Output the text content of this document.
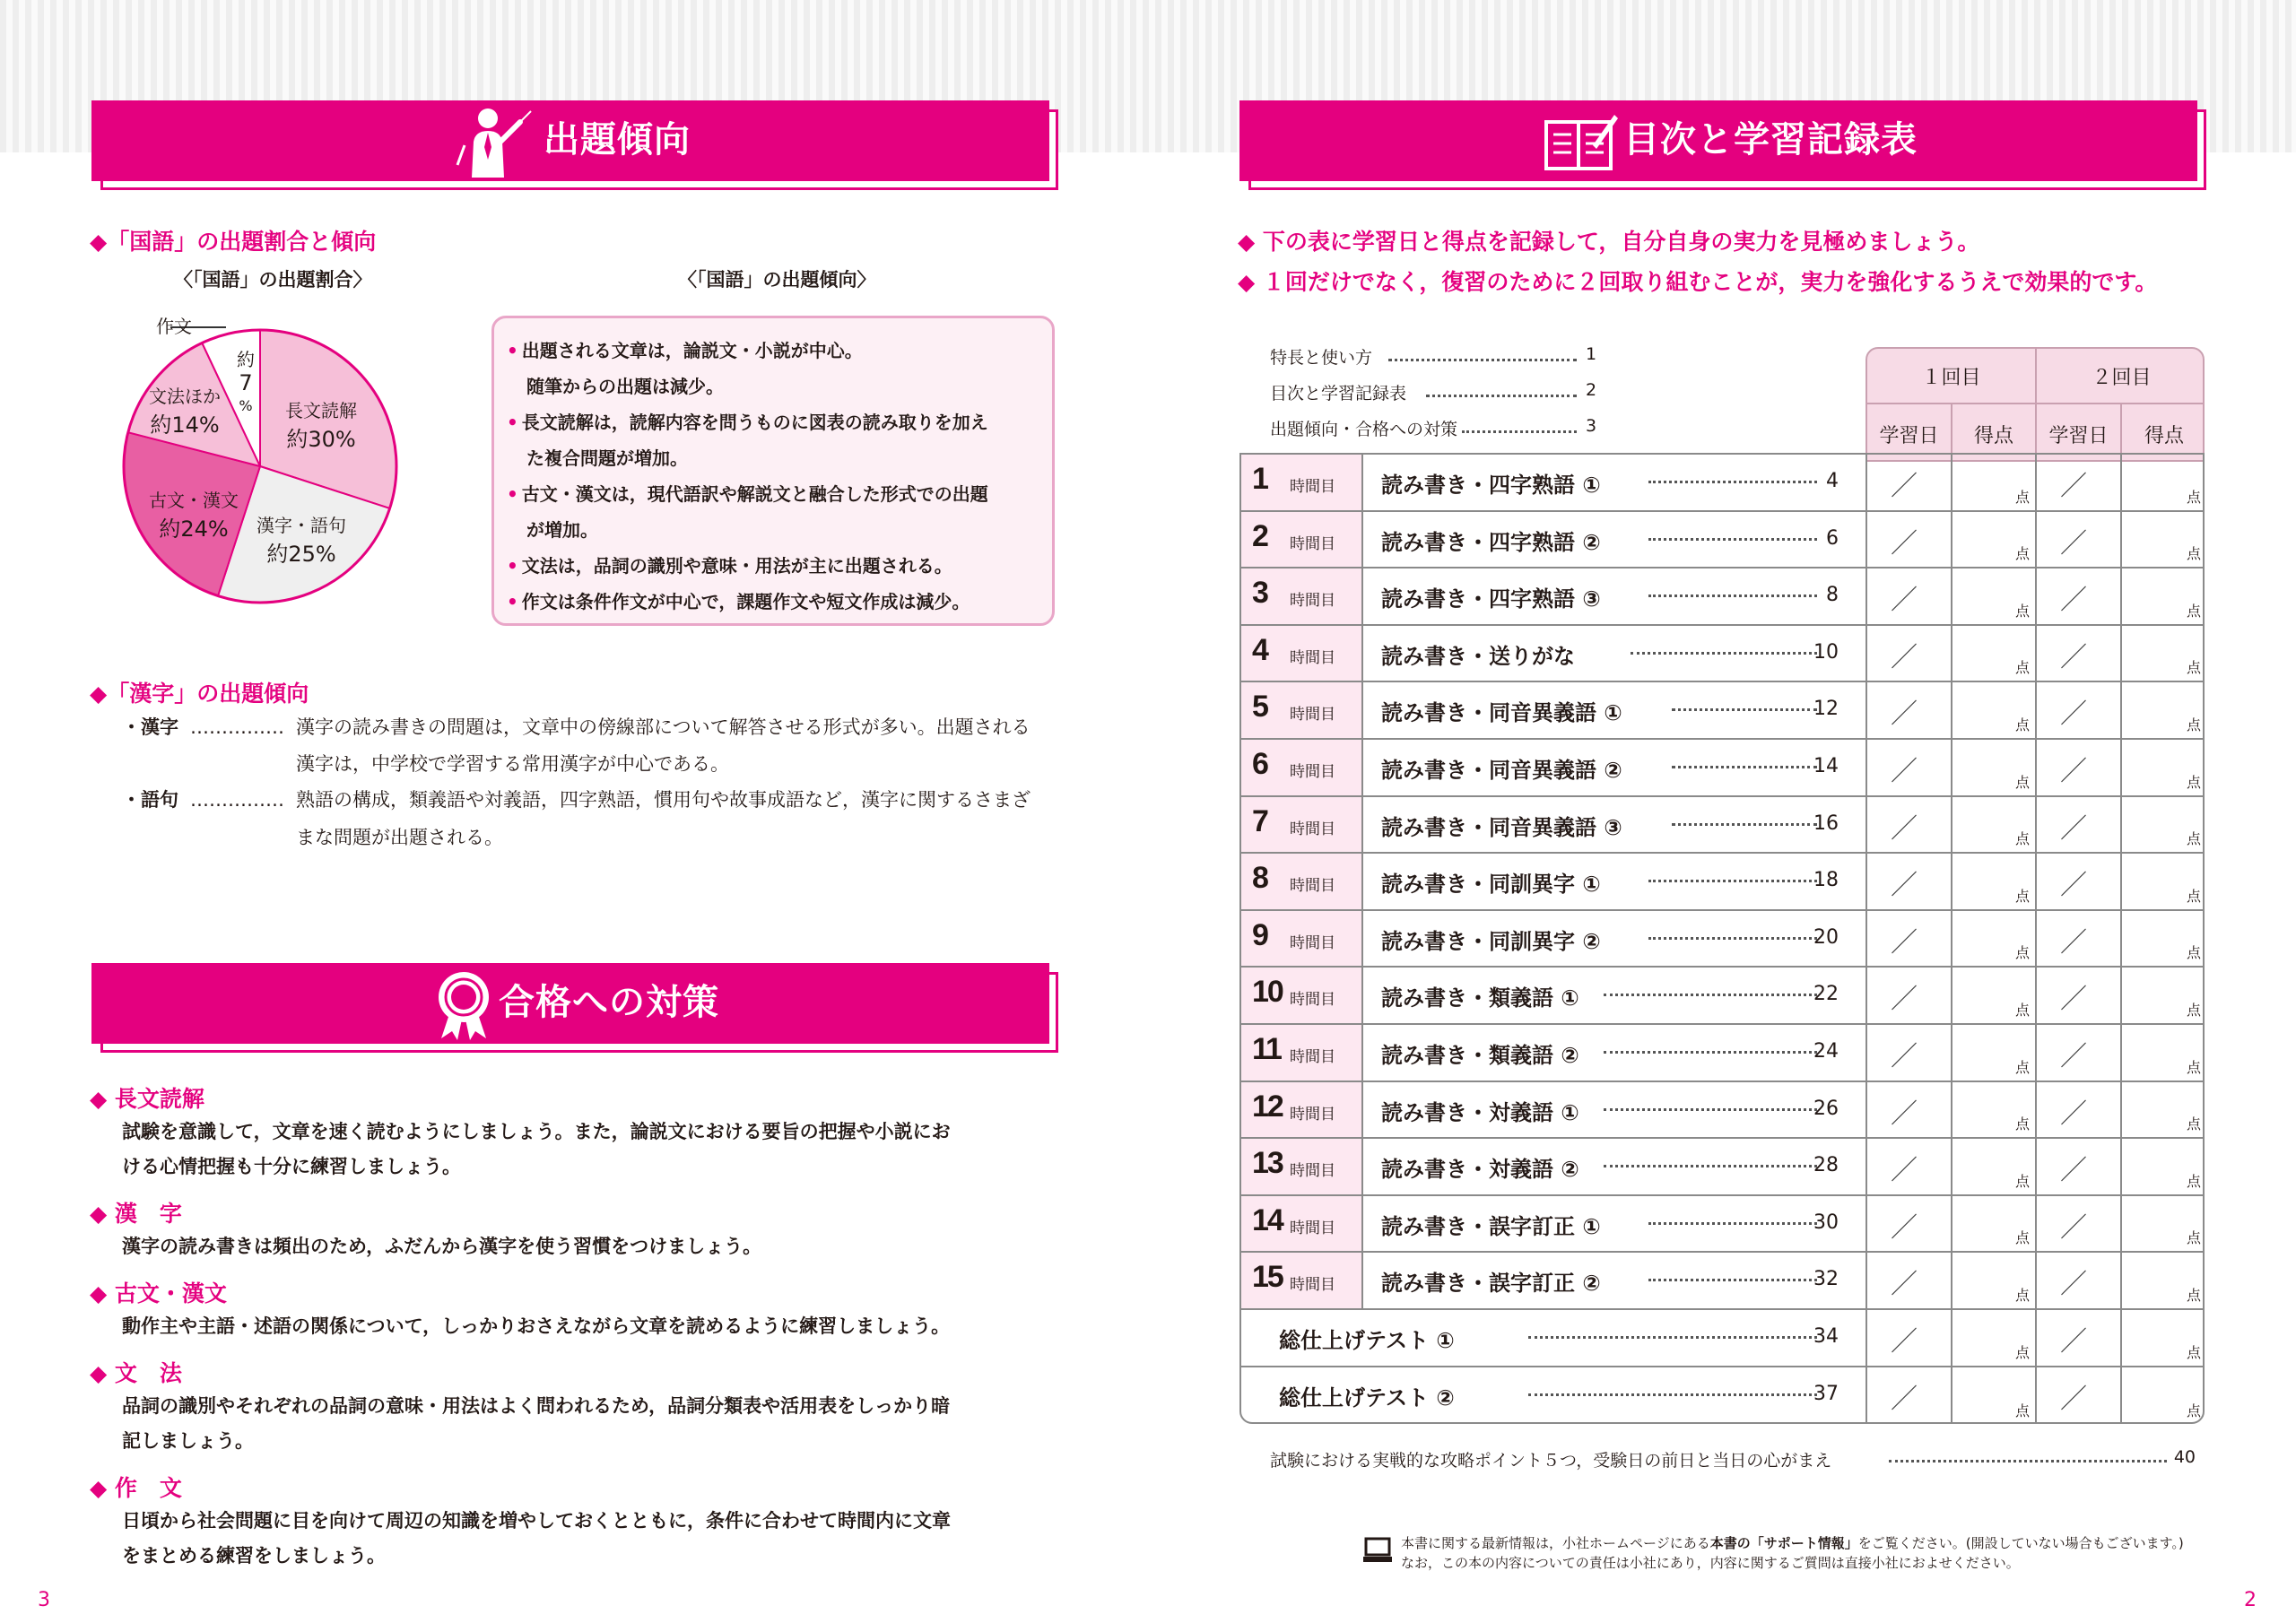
出題傾向
◆「国語」の出題割合と傾向
〈「国語」の出題割合〉	〈「国語」の出題傾向〉
長文読解
約30%
漢字・語句
約25%
古文・漢文
約24%
文法ほか
約14%
作文
約
7
%
• 出題される文章は，論説文・小説が中心。
随筆からの出題は減少。
• 長文読解は，読解内容を問うものに図表の読み取りを加え
た複合問題が増加。
• 古文・漢文は，現代語訳や解説文と融合した形式での出題
が増加。
• 文法は，品詞の識別や意味・用法が主に出題される。
• 作文は条件作文が中心で，課題作文や短文作成は減少。
◆「漢字」の出題傾向
・漢字 …………… 漢字の読み書きの問題は，文章中の傍線部について解答させる形式が多い。出題される
漢字は，中学校で学習する常用漢字が中心である。
・語句 …………… 熟語の構成，類義語や対義語，四字熟語，慣用句や故事成語など，漢字に関するさまざ
まな問題が出題される。
合格への対策
◆ 長文読解
試験を意識して，文章を速く読むようにしましょう。また，論説文における要旨の把握や小説にお
ける心情把握も十分に練習しましょう。
◆ 漢　字
漢字の読み書きは頻出のため，ふだんから漢字を使う習慣をつけましょう。
◆ 古文・漢文
動作主や主語・述語の関係について，しっかりおさえながら文章を読めるように練習しましょう。
◆ 文　法
品詞の識別やそれぞれの品詞の意味・用法はよく問われるため，品詞分類表や活用表をしっかり暗
記しましょう。
◆ 作　文
日頃から社会問題に目を向けて周辺の知識を増やしておくとともに，条件に合わせて時間内に文章
をまとめる練習をしましょう。
3
目次と学習記録表
◆ 下の表に学習日と得点を記録して，自分自身の実力を見極めましょう。
◆ １回だけでなく，復習のために２回取り組むことが，実力を強化するうえで効果的です。
特長と使い方	1
目次と学習記録表	2
出題傾向・合格への対策	3
１回目	２回目
学習日	得点	学習日	得点
1 時間目 読み書き・四字熟語 ①	4 ／	点 ／	点
2 時間目 読み書き・四字熟語 ②	6 ／	点 ／	点
3 時間目 読み書き・四字熟語 ③	8 ／	点 ／	点
4 時間目 読み書き・送りがな	10 ／	点 ／	点
5 時間目 読み書き・同音異義語 ①	12 ／	点 ／	点
6 時間目 読み書き・同音異義語 ②	14 ／	点 ／	点
7 時間目 読み書き・同音異義語 ③	16 ／	点 ／	点
8 時間目 読み書き・同訓異字 ①	18 ／	点 ／	点
9 時間目 読み書き・同訓異字 ②	20 ／	点 ／	点
10 時間目 読み書き・類義語 ①	22 ／	点 ／	点
11 時間目 読み書き・類義語 ②	24 ／	点 ／	点
12 時間目 読み書き・対義語 ①	26 ／	点 ／	点
13 時間目 読み書き・対義語 ②	28 ／	点 ／	点
14 時間目 読み書き・誤字訂正 ①	30 ／	点 ／	点
15 時間目 読み書き・誤字訂正 ②	32 ／	点 ／	点
総仕上げテスト ①	34 ／	点 ／	点
総仕上げテスト ②	37 ／	点 ／	点
試験における実戦的な攻略ポイント５つ，受験日の前日と当日の心がまえ	40
本書に関する最新情報は，小社ホームページにある本書の「サポート情報」をご覧ください。(開設していない場合もございます。)
なお，この本の内容についての責任は小社にあり，内容に関するご質問は直接小社におよせください。
2
